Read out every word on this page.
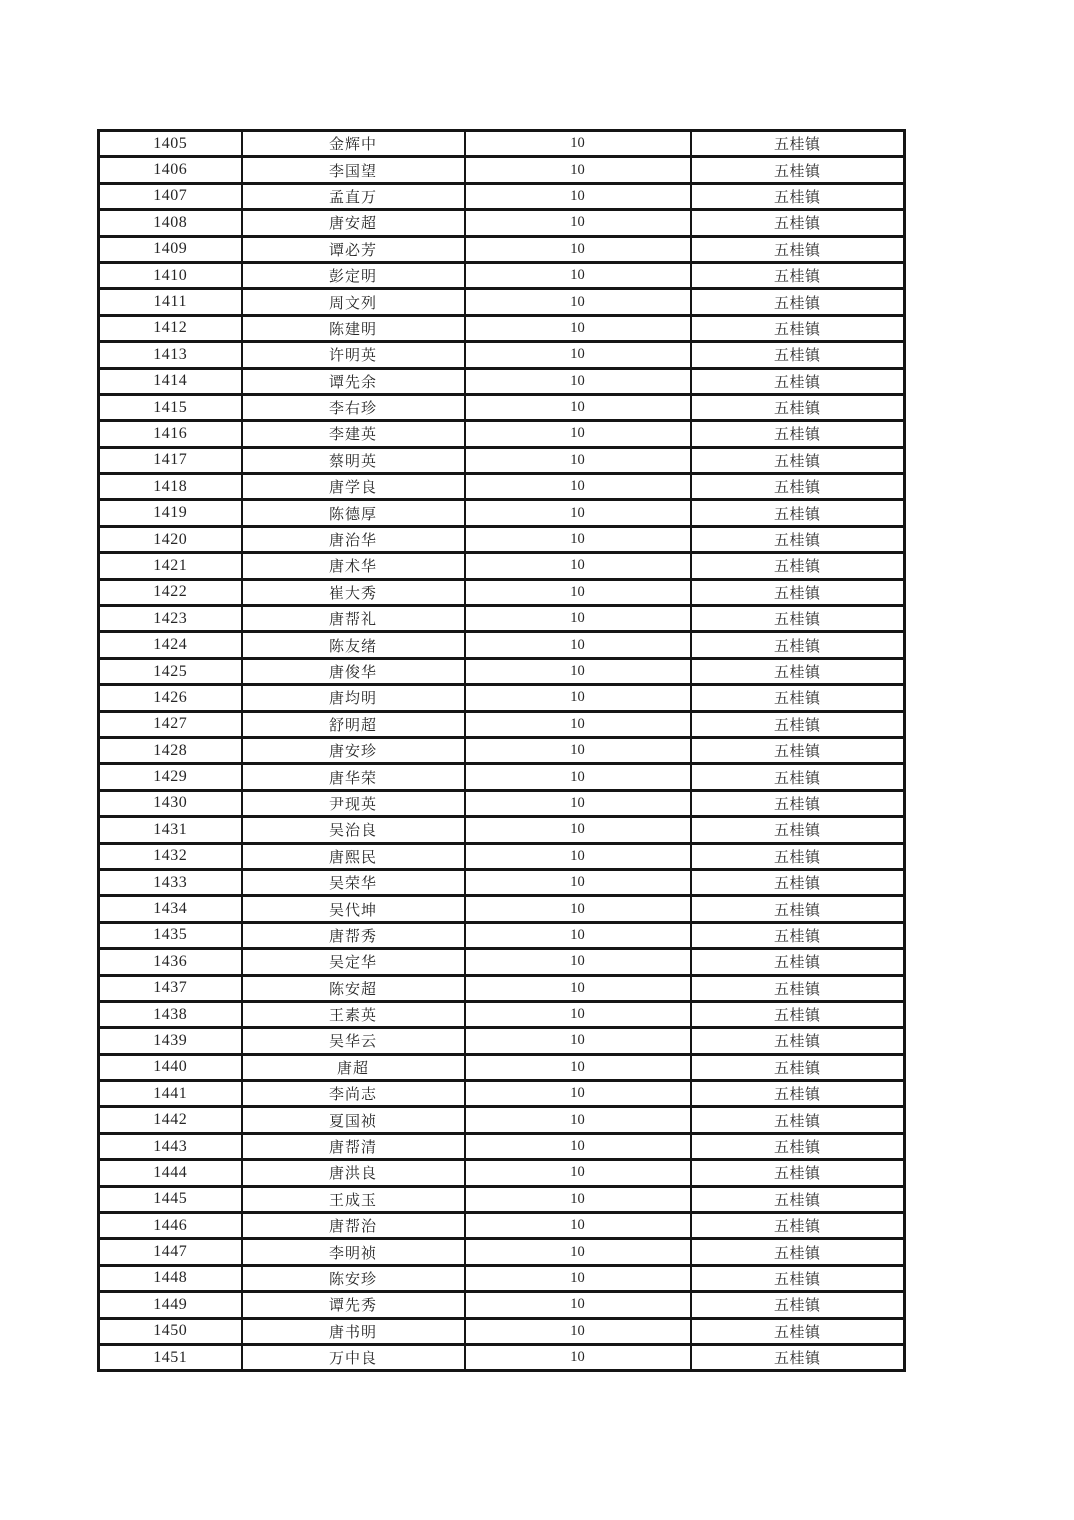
1405	金辉中	10	五桂镇
1406	李国望	10	五桂镇
1407	孟直万	10	五桂镇
1408	唐安超	10	五桂镇
1409	谭必芳	10	五桂镇
1410	彭定明	10	五桂镇
1411	周文列	10	五桂镇
1412	陈建明	10	五桂镇
1413	许明英	10	五桂镇
1414	谭先余	10	五桂镇
1415	李右珍	10	五桂镇
1416	李建英	10	五桂镇
1417	蔡明英	10	五桂镇
1418	唐学良	10	五桂镇
1419	陈德厚	10	五桂镇
1420	唐治华	10	五桂镇
1421	唐术华	10	五桂镇
1422	崔大秀	10	五桂镇
1423	唐帮礼	10	五桂镇
1424	陈友绪	10	五桂镇
1425	唐俊华	10	五桂镇
1426	唐均明	10	五桂镇
1427	舒明超	10	五桂镇
1428	唐安珍	10	五桂镇
1429	唐华荣	10	五桂镇
1430	尹现英	10	五桂镇
1431	吴治良	10	五桂镇
1432	唐熙民	10	五桂镇
1433	吴荣华	10	五桂镇
1434	吴代坤	10	五桂镇
1435	唐帮秀	10	五桂镇
1436	吴定华	10	五桂镇
1437	陈安超	10	五桂镇
1438	王素英	10	五桂镇
1439	吴华云	10	五桂镇
1440	唐超	10	五桂镇
1441	李尚志	10	五桂镇
1442	夏国祯	10	五桂镇
1443	唐帮清	10	五桂镇
1444	唐洪良	10	五桂镇
1445	王成玉	10	五桂镇
1446	唐帮治	10	五桂镇
1447	李明祯	10	五桂镇
1448	陈安珍	10	五桂镇
1449	谭先秀	10	五桂镇
1450	唐书明	10	五桂镇
1451	万中良	10	五桂镇
